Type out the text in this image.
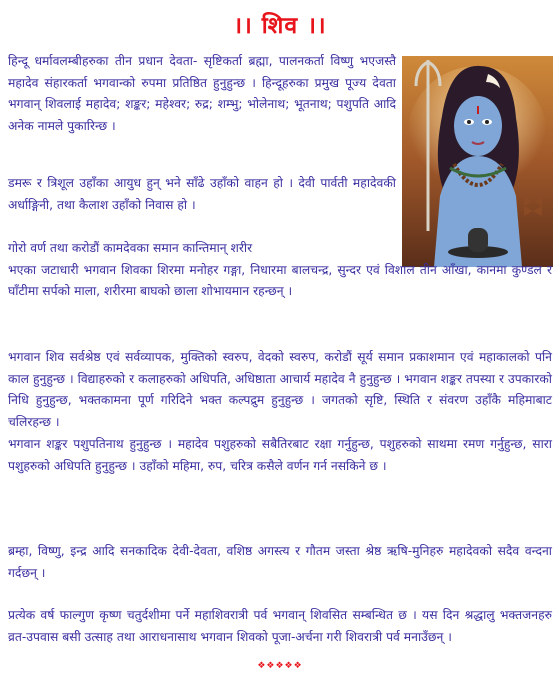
।। शिव ।।

हिन्दू धर्मावलम्बीहरुका तीन प्रधान देवता- सृष्टिकर्ता ब्रह्मा, पालनकर्ता विष्णु भएजस्तै महादेव संहारकर्ता भगवान्को रुपमा प्रतिष्ठित हुनुहुन्छ । हिन्दूहरुका प्रमुख पूज्य देवता भगवान् शिवलाई महादेव; शङ्कर; महेश्वर; रुद्र; शम्भु; भोलेनाथ; भूतनाथ; पशुपति आदि अनेक नामले पुकारिन्छ ।

डमरू र त्रिशूल उहाँका आयुध हुन् भने साँढे उहाँको वाहन हो । देवी पार्वती महादेवकी अर्धाङ्गिनी, तथा कैलाश उहाँको निवास हो ।

गोरो वर्ण तथा करोडौं कामदेवका समान कान्तिमान् शरीर
भएका जटाधारी भगवान शिवका शिरमा मनोहर गङ्गा, निधारमा बालचन्द्र, सुन्दर एवं विशाल तीन आँखा, कानमा कुण्डल र घाँटीमा सर्पको माला, शरीरमा बाघको छाला शोभायमान रहन्छन् ।

भगवान शिव सर्वश्रेष्ठ एवं सर्वव्यापक, मुक्तिको स्वरुप, वेदको स्वरुप, करोडौं सूर्य समान प्रकाशमान एवं महाकालको पनि काल हुनुहुन्छ । विद्याहरुको र कलाहरुको अधिपति, अधिष्ठाता आचार्य महादेव नै हुनुहुन्छ । भगवान शङ्कर तपस्या र उपकारको निधि हुनुहुन्छ, भक्तकामना पूर्ण गरिदिने भक्त कल्पद्रुम हुनुहुन्छ । जगतको सृष्टि, स्थिति र संवरण उहाँकै महिमाबाट चलिरहन्छ ।

भगवान शङ्कर पशुपतिनाथ हुनुहुन्छ । महादेव पशुहरुको सबैतिरबाट रक्षा गर्नुहुन्छ, पशुहरुको साथमा रमण गर्नुहुन्छ, सारा पशुहरुको अधिपति हुनुहुन्छ । उहाँको महिमा, रुप, चरित्र कसैले वर्णन गर्न नसकिने छ ।

ब्रम्हा, विष्णु, इन्द्र आदि सनकादिक देवी-देवता, वशिष्ठ अगस्त्य र गौतम जस्ता श्रेष्ठ ऋषि-मुनिहरु महादेवको सदैव वन्दना गर्दछन् ।

प्रत्येक वर्ष फाल्गुण कृष्ण चतुर्दशीमा पर्ने महाशिवरात्री पर्व भगवान् शिवसित सम्बन्धित छ । यस दिन श्रद्धालु भक्तजनहरु व्रत-उपवास बसी उत्साह तथा आराधनासाथ भगवान शिवको पूजा-अर्चना गरी शिवरात्री पर्व मनाउँछन् ।

❖❖❖❖❖
